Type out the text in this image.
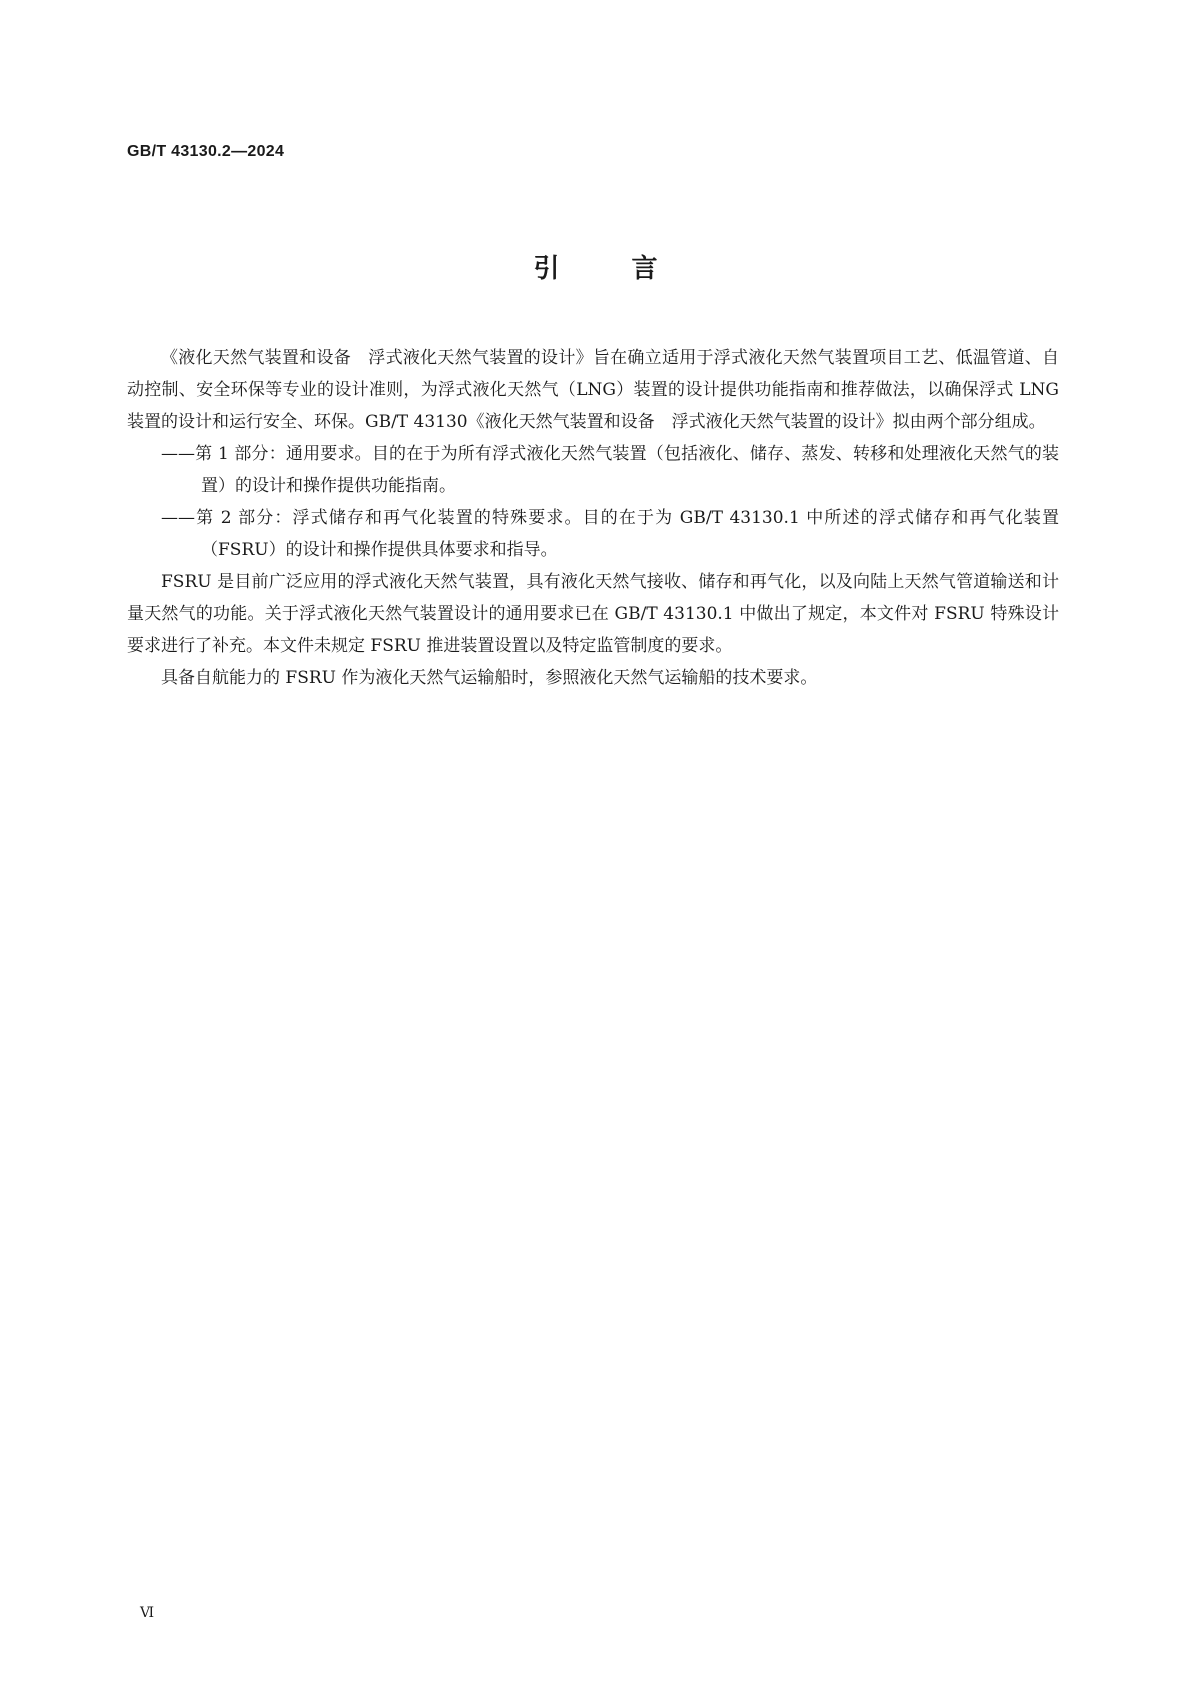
GB/T 43130.2—2024
引	言

《液化天然气装置和设备　浮式液化天然气装置的设计》旨在确立适用于浮式液化天然气装置项目工艺、低温管道、自动控制、安全环保等专业的设计准则，为浮式液化天然气（LNG）装置的设计提供功能指南和推荐做法，以确保浮式 LNG 装置的设计和运行安全、环保。GB/T 43130《液化天然气装置和设备　浮式液化天然气装置的设计》拟由两个部分组成。

——第 1 部分：通用要求。目的在于为所有浮式液化天然气装置（包括液化、储存、蒸发、转移和处理液化天然气的装置）的设计和操作提供功能指南。

——第 2 部分：浮式储存和再气化装置的特殊要求。目的在于为 GB/T 43130.1 中所述的浮式储存和再气化装置（FSRU）的设计和操作提供具体要求和指导。

FSRU 是目前广泛应用的浮式液化天然气装置，具有液化天然气接收、储存和再气化，以及向陆上天然气管道输送和计量天然气的功能。关于浮式液化天然气装置设计的通用要求已在 GB/T 43130.1 中做出了规定，本文件对 FSRU 特殊设计要求进行了补充。本文件未规定 FSRU 推进装置设置以及特定监管制度的要求。

具备自航能力的 FSRU 作为液化天然气运输船时，参照液化天然气运输船的技术要求。

Ⅵ
